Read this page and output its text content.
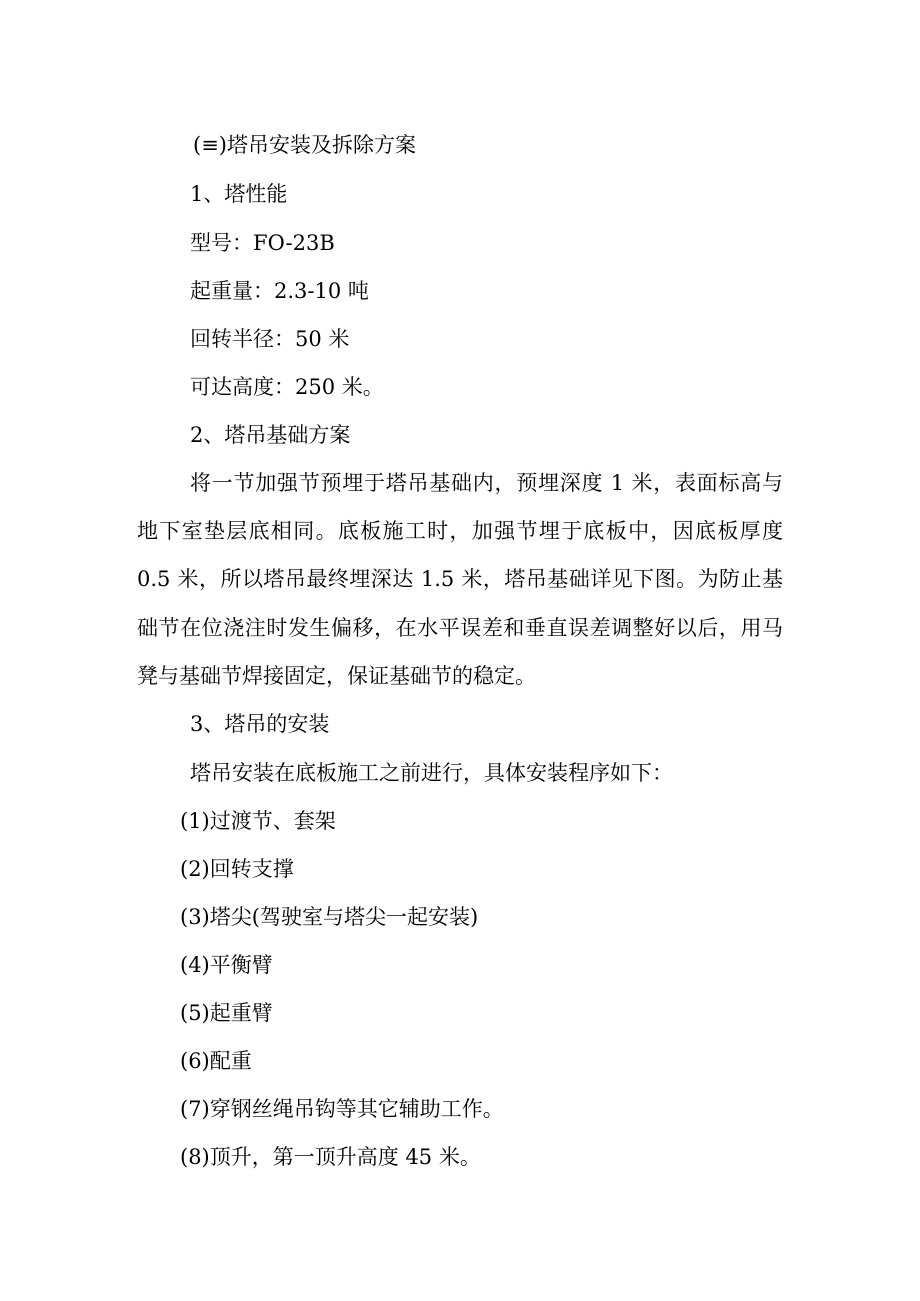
(≡)塔吊安装及拆除方案
1、塔性能
型号：FO-23B
起重量：2.3-10 吨
回转半径：50 米
可达高度：250 米。
2、塔吊基础方案
将一节加强节预埋于塔吊基础内，预埋深度 1 米，表面标高与地下室垫层底相同。底板施工时，加强节埋于底板中，因底板厚度 0.5 米，所以塔吊最终埋深达 1.5 米，塔吊基础详见下图。为防止基础节在位浇注时发生偏移，在水平误差和垂直误差调整好以后，用马凳与基础节焊接固定，保证基础节的稳定。
3、塔吊的安装
塔吊安装在底板施工之前进行，具体安装程序如下：
(1)过渡节、套架
(2)回转支撑
(3)塔尖(驾驶室与塔尖一起安装)
(4)平衡臂
(5)起重臂
(6)配重
(7)穿钢丝绳吊钩等其它辅助工作。
(8)顶升，第一顶升高度 45 米。
